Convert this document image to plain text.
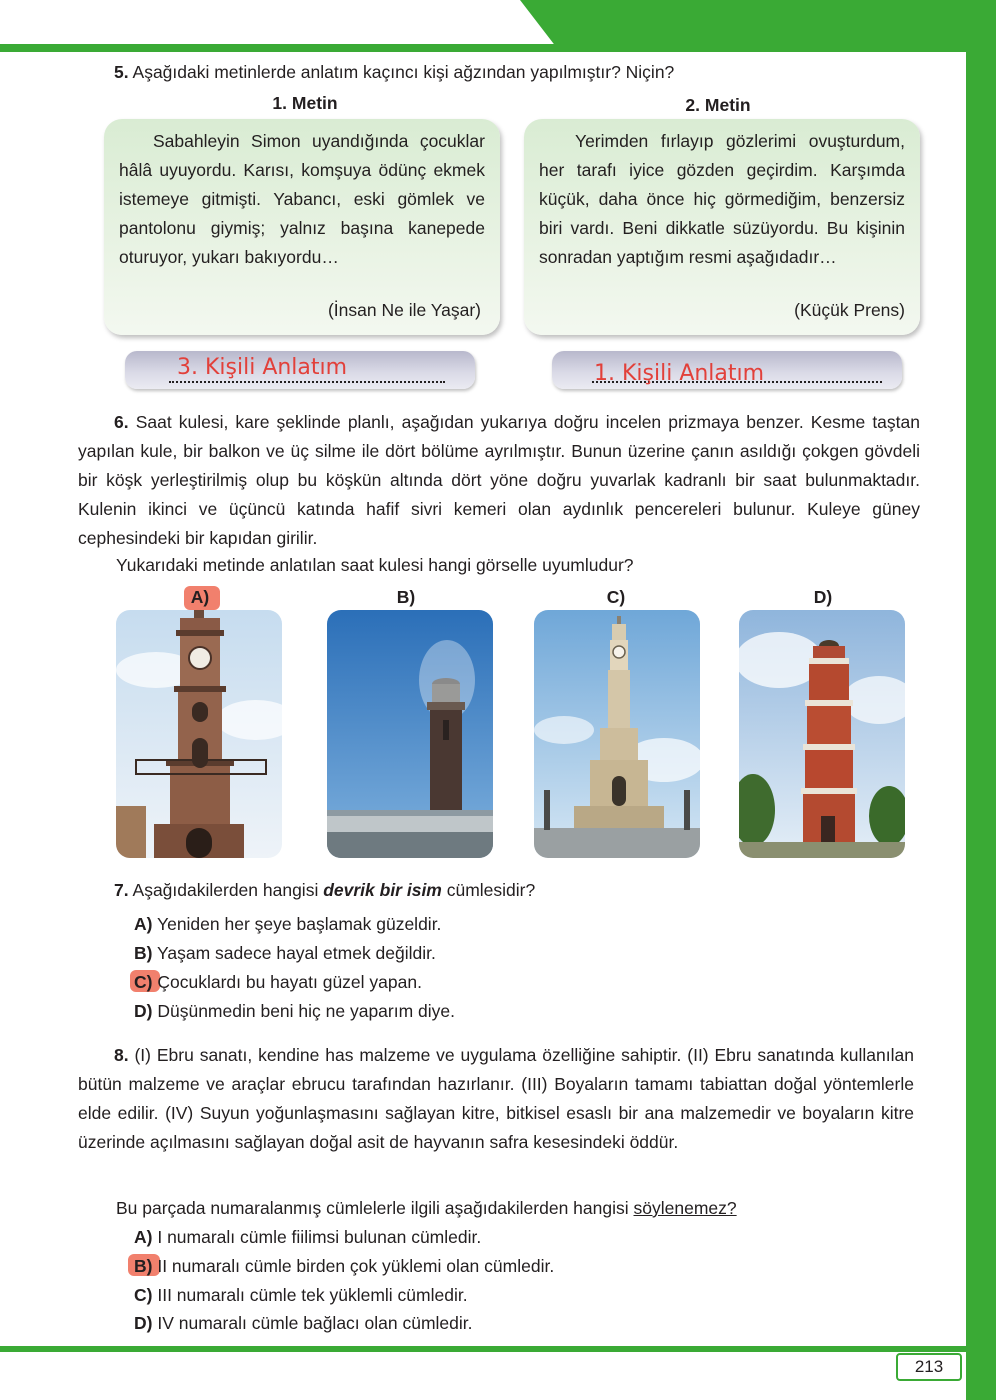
5. Aşağıdaki metinlerde anlatım kaçıncı kişi ağzından yapılmıştır? Niçin?
1. Metin	2. Metin
Sabahleyin Simon uyandığında çocuklar hâlâ uyuyordu. Karısı, komşuya ödünç ekmek istemeye gitmişti. Yabancı, eski gömlek ve pantolonu giymiş; yalnız başına kanepede oturuyor, yukarı bakıyordu…
(İnsan Ne ile Yaşar)
Yerimden fırlayıp gözlerimi ovuşturdum, her tarafı iyice gözden geçirdim. Karşımda küçük, daha önce hiç görmediğim, benzersiz biri vardı. Beni dikkatle süzüyordu. Bu kişinin sonradan yaptığım resmi aşağıdadır…
(Küçük Prens)
3. Kişili Anlatım	1. Kişili Anlatım
6. Saat kulesi, kare şeklinde planlı, aşağıdan yukarıya doğru incelen prizmaya benzer. Kesme taştan yapılan kule, bir balkon ve üç silme ile dört bölüme ayrılmıştır. Bunun üzerine çanın asıldığı çokgen gövdeli bir köşk yerleştirilmiş olup bu köşkün altında dört yöne doğru yuvarlak kadranlı bir saat bulunmaktadır. Kulenin ikinci ve üçüncü katında hafif sivri kemeri olan aydınlık pencereleri bulunur. Kuleye güney cephesindeki bir kapıdan girilir.
Yukarıdaki metinde anlatılan saat kulesi hangi görselle uyumludur?
A)	B)	C)	D)
7. Aşağıdakilerden hangisi devrik bir isim cümlesidir?
A) Yeniden her şeye başlamak güzeldir.
B) Yaşam sadece hayal etmek değildir.
C) Çocuklardı bu hayatı güzel yapan.
D) Düşünmedin beni hiç ne yaparım diye.
8. (I) Ebru sanatı, kendine has malzeme ve uygulama özelliğine sahiptir. (II) Ebru sanatında kullanılan bütün malzeme ve araçlar ebrucu tarafından hazırlanır. (III) Boyaların tamamı tabiattan doğal yöntemlerle elde edilir. (IV) Suyun yoğunlaşmasını sağlayan kitre, bitkisel esaslı bir ana malzemedir ve boyaların kitre üzerinde açılmasını sağlayan doğal asit de hayvanın safra kesesindeki öddür.
Bu parçada numaralanmış cümlelerle ilgili aşağıdakilerden hangisi söylenemez?
A) I numaralı cümle fiilimsi bulunan cümledir.
B) II numaralı cümle birden çok yüklemi olan cümledir.
C) III numaralı cümle tek yüklemli cümledir.
D) IV numaralı cümle bağlacı olan cümledir.
213
